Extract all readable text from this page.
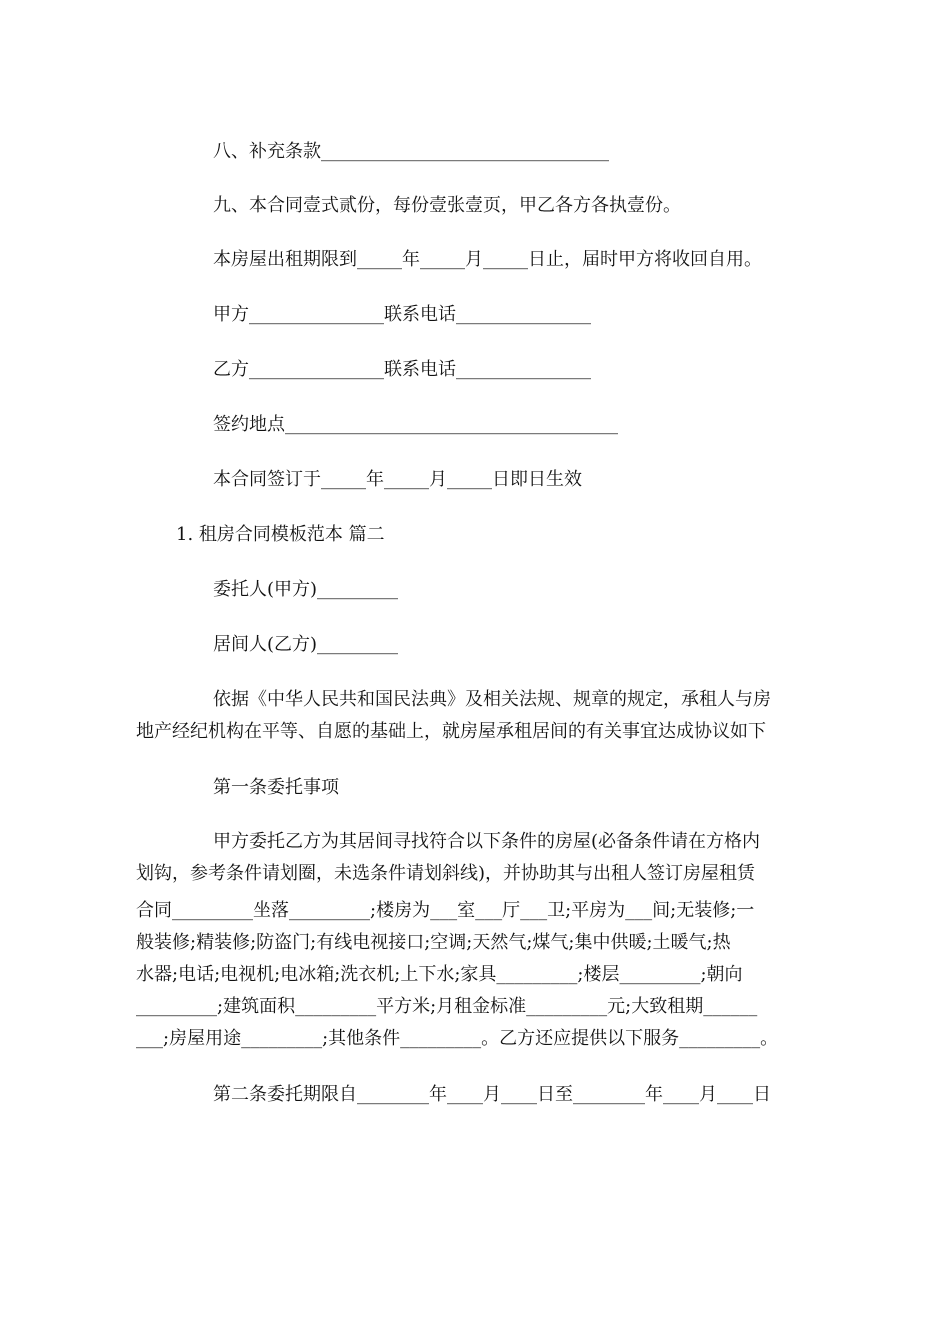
八、补充条款________________________________

九、本合同壹式贰份，每份壹张壹页，甲乙各方各执壹份。

本房屋出租期限到_____年_____月_____日止，届时甲方将收回自用。

甲方_______________联系电话_______________

乙方_______________联系电话_______________

签约地点_____________________________________

本合同签订于_____年_____月_____日即日生效

1. 租房合同模板范本 篇二

委托人(甲方)_________

居间人(乙方)_________

依据《中华人民共和国民法典》及相关法规、规章的规定，承租人与房

地产经纪机构在平等、自愿的基础上，就房屋承租居间的有关事宜达成协议如下

第一条委托事项

甲方委托乙方为其居间寻找符合以下条件的房屋(必备条件请在方格内

划钩，参考条件请划圈，未选条件请划斜线)，并协助其与出租人签订房屋租赁

合同_________坐落_________;楼房为___室___厅___卫;平房为___间;无装修;一

般装修;精装修;防盗门;有线电视接口;空调;天然气;煤气;集中供暖;土暖气;热

水器;电话;电视机;电冰箱;洗衣机;上下水;家具_________;楼层_________;朝向

_________;建筑面积_________平方米;月租金标准_________元;大致租期______

___;房屋用途_________;其他条件_________。乙方还应提供以下服务_________。

第二条委托期限自________年____月____日至________年____月____日
